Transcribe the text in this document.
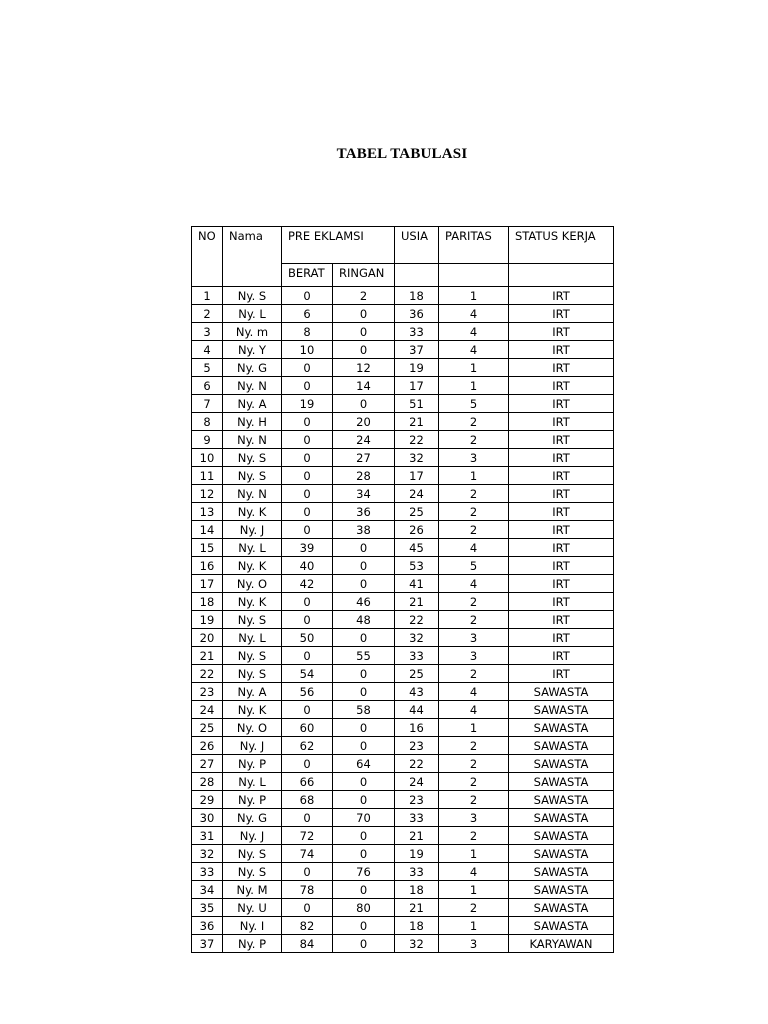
TABEL TABULASI
NO	Nama	PRE EKLAMSI		USIA	PARITAS	STATUS KERJA
		BERAT	RINGAN			
1	Ny. S	0	2	18	1	IRT
2	Ny. L	6	0	36	4	IRT
3	Ny. m	8	0	33	4	IRT
4	Ny. Y	10	0	37	4	IRT
5	Ny. G	0	12	19	1	IRT
6	Ny. N	0	14	17	1	IRT
7	Ny. A	19	0	51	5	IRT
8	Ny. H	0	20	21	2	IRT
9	Ny. N	0	24	22	2	IRT
10	Ny. S	0	27	32	3	IRT
11	Ny. S	0	28	17	1	IRT
12	Ny. N	0	34	24	2	IRT
13	Ny. K	0	36	25	2	IRT
14	Ny. J	0	38	26	2	IRT
15	Ny. L	39	0	45	4	IRT
16	Ny. K	40	0	53	5	IRT
17	Ny. O	42	0	41	4	IRT
18	Ny. K	0	46	21	2	IRT
19	Ny. S	0	48	22	2	IRT
20	Ny. L	50	0	32	3	IRT
21	Ny. S	0	55	33	3	IRT
22	Ny. S	54	0	25	2	IRT
23	Ny. A	56	0	43	4	SAWASTA
24	Ny. K	0	58	44	4	SAWASTA
25	Ny. O	60	0	16	1	SAWASTA
26	Ny. J	62	0	23	2	SAWASTA
27	Ny. P	0	64	22	2	SAWASTA
28	Ny. L	66	0	24	2	SAWASTA
29	Ny. P	68	0	23	2	SAWASTA
30	Ny. G	0	70	33	3	SAWASTA
31	Ny. J	72	0	21	2	SAWASTA
32	Ny. S	74	0	19	1	SAWASTA
33	Ny. S	0	76	33	4	SAWASTA
34	Ny. M	78	0	18	1	SAWASTA
35	Ny. U	0	80	21	2	SAWASTA
36	Ny. I	82	0	18	1	SAWASTA
37	Ny. P	84	0	32	3	KARYAWAN
